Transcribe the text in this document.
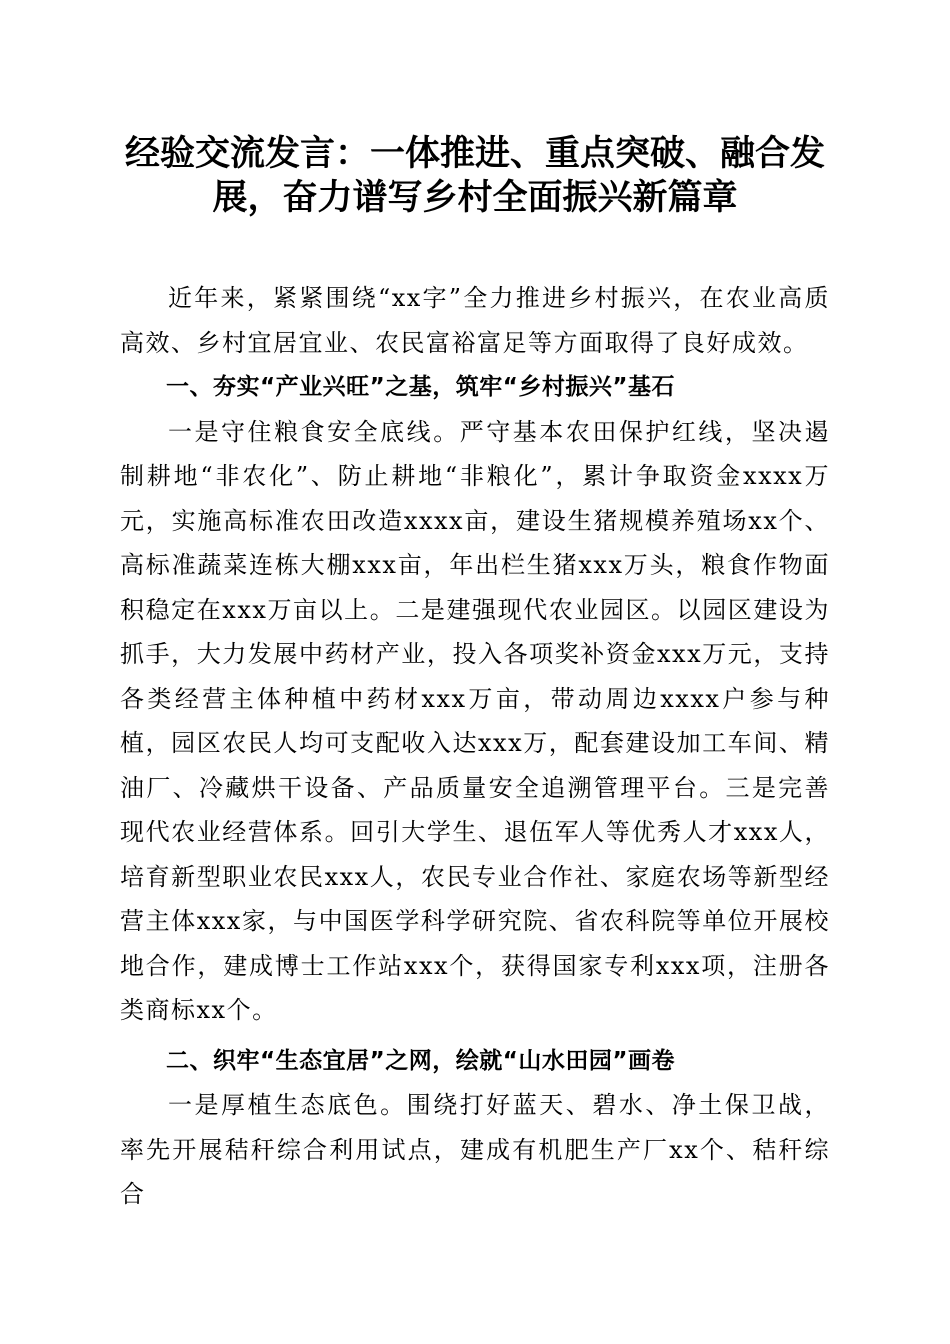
经验交流发言：一体推进、重点突破、融合发
展，奋力谱写乡村全面振兴新篇章

近年来，紧紧围绕“xx字”全力推进乡村振兴，在农业高质高效、乡村宜居宜业、农民富裕富足等方面取得了良好成效。

一、夯实“产业兴旺”之基，筑牢“乡村振兴”基石

一是守住粮食安全底线。严守基本农田保护红线，坚决遏制耕地“非农化”、防止耕地“非粮化”，累计争取资金xxxx万元，实施高标准农田改造xxxx亩，建设生猪规模养殖场xx个、高标准蔬菜连栋大棚xxx亩，年出栏生猪xxx万头，粮食作物面积稳定在xxx万亩以上。二是建强现代农业园区。以园区建设为抓手，大力发展中药材产业，投入各项奖补资金xxx万元，支持各类经营主体种植中药材xxx万亩，带动周边xxxx户参与种植，园区农民人均可支配收入达xxx万，配套建设加工车间、精油厂、冷藏烘干设备、产品质量安全追溯管理平台。三是完善现代农业经营体系。回引大学生、退伍军人等优秀人才xxx人，培育新型职业农民xxx人，农民专业合作社、家庭农场等新型经营主体xxx家，与中国医学科学研究院、省农科院等单位开展校地合作，建成博士工作站xxx个，获得国家专利xxx项，注册各类商标xx个。

二、织牢“生态宜居”之网，绘就“山水田园”画卷

一是厚植生态底色。围绕打好蓝天、碧水、净土保卫战，率先开展秸秆综合利用试点，建成有机肥生产厂xx个、秸秆综合
